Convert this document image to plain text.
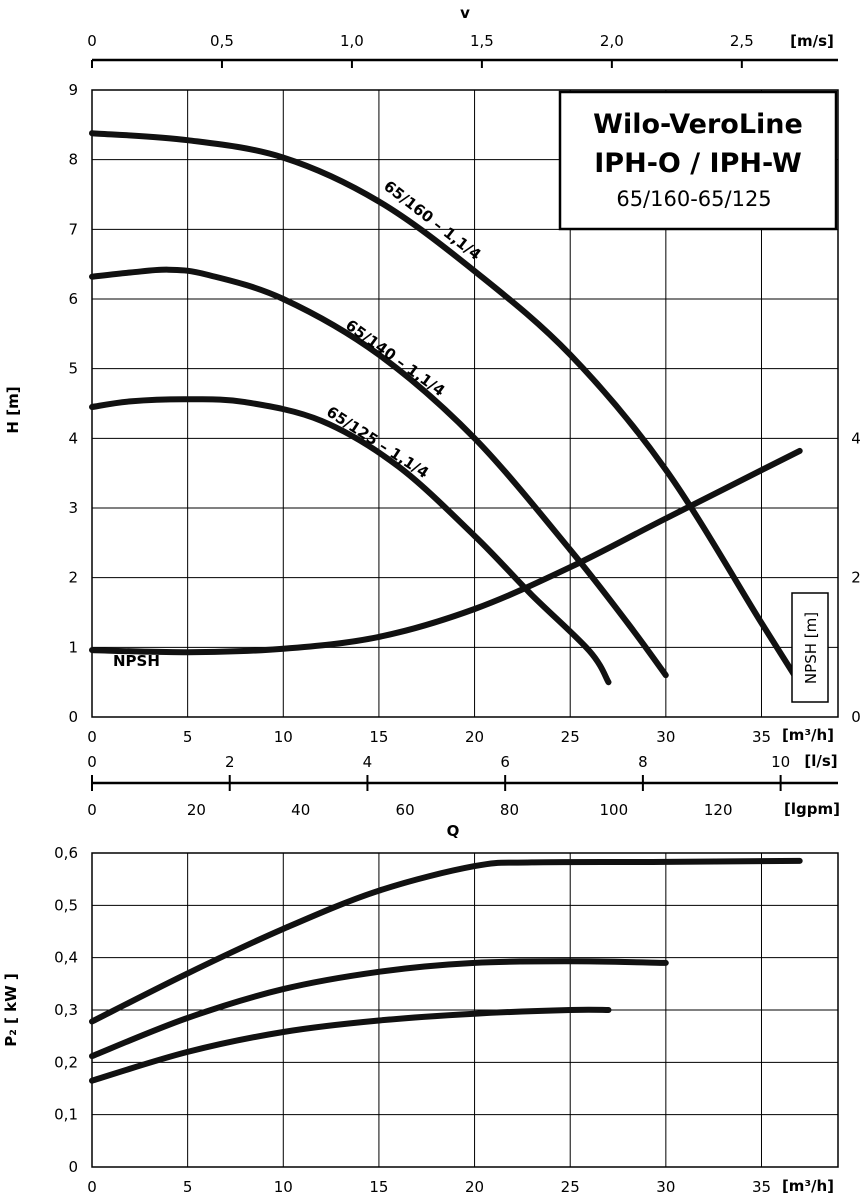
v
[m/s]
0	0,5	1,0	1,5	2,0	2,5
0
1
2
3
4
5
6
7
8
9
0	5	10	15	20	25	30	35
H [m]
[m³/h]
Wilo-VeroLine
IPH-O / IPH-W
65/160-65/125
65/160 – 1,1/4
65/140 – 1,1/4
65/125 – 1,1/4
NPSH	NPSH [m]
0
2
4
[l/s]
0	2	4	6	8	10
0	20	40	60	80	100	120	[lgpm]
Q
0
0,1
0,2
0,3
0,4
0,5
0,6
0	5	10	15	20	25	30	35
P₂ [ kW ]
[m³/h]
